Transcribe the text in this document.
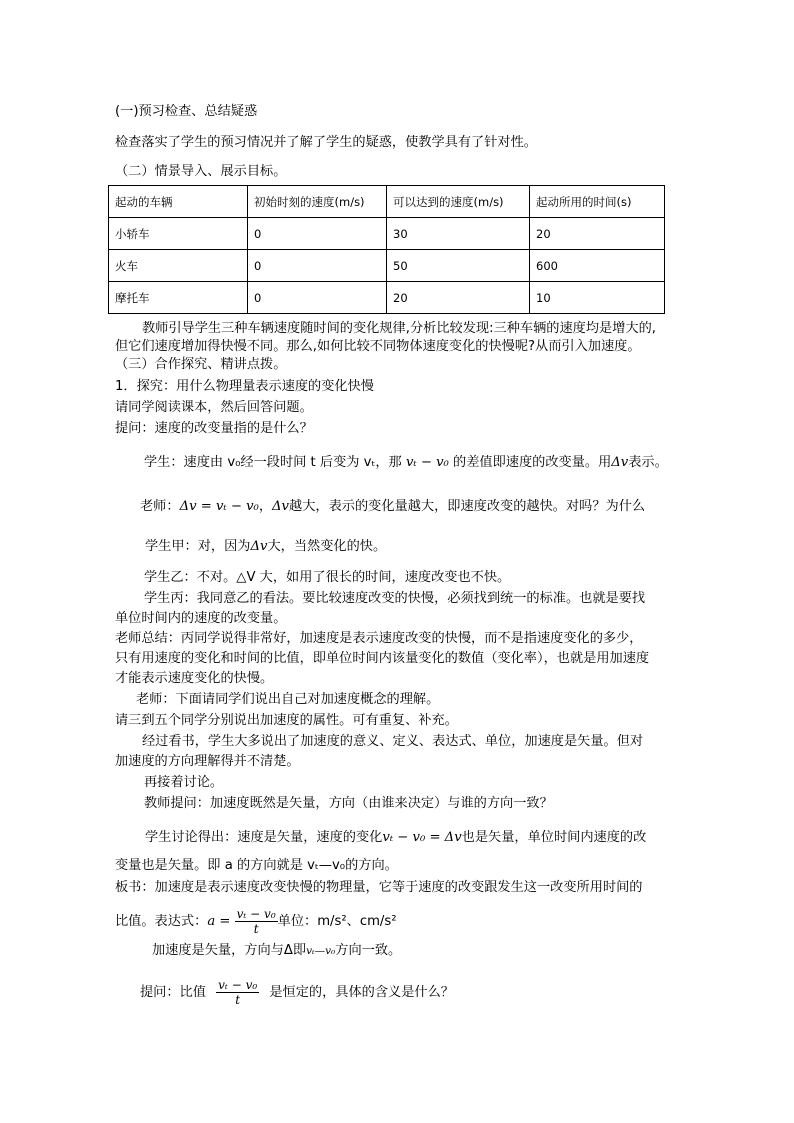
(一)预习检查、总结疑惑
检查落实了学生的预习情况并了解了学生的疑惑，使教学具有了针对性。
（二）情景导入、展示目标。
起动的车辆	初始时刻的速度(m/s)	可以达到的速度(m/s)	起动所用的时间(s)
小轿车	0	30	20
火车	0	50	600
摩托车	0	20	10
教师引导学生三种车辆速度随时间的变化规律,分析比较发现:三种车辆的速度均是增大的,
但它们速度增加得快慢不同。那么,如何比较不同物体速度变化的快慢呢?从而引入加速度。
（三）合作探究、精讲点拨。
1．探究：用什么物理量表示速度的变化快慢
请同学阅读课本，然后回答问题。
提问：速度的改变量指的是什么？
学生：速度由 v₀经一段时间 t 后变为 vₜ，那 vₜ − v₀ 的差值即速度的改变量。用Δv表示。
老师：Δv = vₜ − v₀，Δv越大，表示的变化量越大，即速度改变的越快。对吗？为什么
学生甲：对，因为Δv大，当然变化的快。
学生乙：不对。△V 大，如用了很长的时间，速度改变也不快。
学生丙：我同意乙的看法。要比较速度改变的快慢，必须找到统一的标准。也就是要找
单位时间内的速度的改变量。
老师总结：丙同学说得非常好，加速度是表示速度改变的快慢，而不是指速度变化的多少，
只有用速度的变化和时间的比值，即单位时间内该量变化的数值（变化率），也就是用加速度
才能表示速度变化的快慢。
老师：下面请同学们说出自己对加速度概念的理解。
请三到五个同学分别说出加速度的属性。可有重复、补充。
经过看书，学生大多说出了加速度的意义、定义、表达式、单位，加速度是矢量。但对
加速度的方向理解得并不清楚。
再接着讨论。
教师提问：加速度既然是矢量，方向（由谁来决定）与谁的方向一致？
学生讨论得出：速度是矢量，速度的变化vₜ − v₀ = Δv也是矢量，单位时间内速度的改
变量也是矢量。即 a 的方向就是 vₜ—v₀的方向。
板书：加速度是表示速度改变快慢的物理量，它等于速度的改变跟发生这一改变所用时间的
比值。表达式：$a = \frac{\text{vₜ − v₀}}{t}$ 单位：m/s²、cm/s²
加速度是矢量，方向与Δ即vₜ—v₀方向一致。
提问：比值 $\frac{\text{vₜ − v₀}}{t}$ 是恒定的，具体的含义是什么？
